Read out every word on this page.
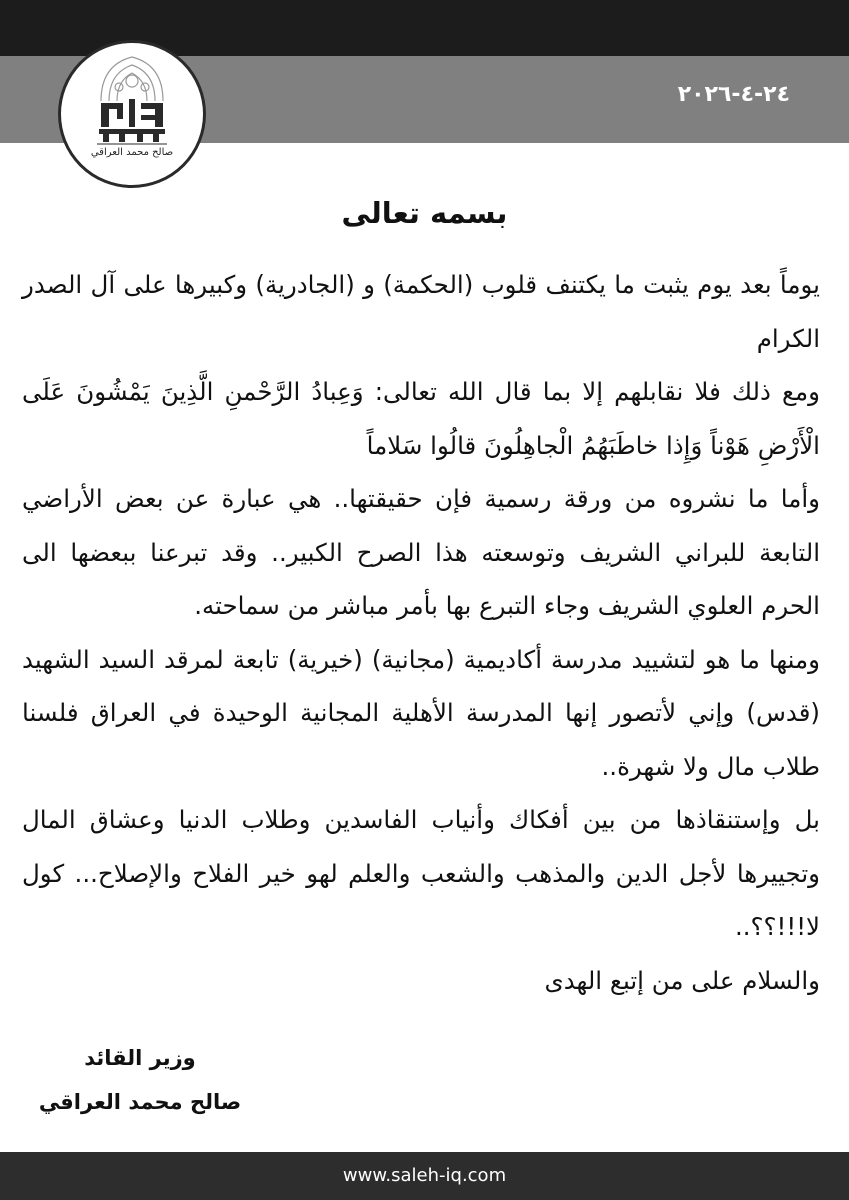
٢٤-٤-٢٠٢٦
صالح محمد العراقي
بسمه تعالى

يوماً بعد يوم يثبت ما يكتنف قلوب (الحكمة) و (الجادرية) وكبيرها على آل الصدر الكرام

ومع ذلك فلا نقابلهم إلا بما قال الله تعالى: وَعِبادُ الرَّحْمنِ الَّذِينَ يَمْشُونَ عَلَى الْأَرْضِ هَوْناً وَإِذا خاطَبَهُمُ الْجاهِلُونَ قالُوا سَلاماً

وأما ما نشروه من ورقة رسمية فإن حقيقتها.. هي عبارة عن بعض الأراضي التابعة للبراني الشريف وتوسعته هذا الصرح الكبير.. وقد تبرعنا ببعضها الى الحرم العلوي الشريف وجاء التبرع بها بأمر مباشر من سماحته.

ومنها ما هو لتشييد مدرسة أكاديمية (مجانية) (خيرية) تابعة لمرقد السيد الشهيد (قدس) وإني لأتصور إنها المدرسة الأهلية المجانية الوحيدة في العراق فلسنا طلاب مال ولا شهرة..

بل وإستنقاذها من بين أفكاك وأنياب الفاسدين وطلاب الدنيا وعشاق المال وتجييرها لأجل الدين والمذهب والشعب والعلم لهو خير الفلاح والإصلاح... كول لا!!!؟؟..

والسلام على من إتبع الهدى

وزير القائد
صالح محمد العراقي
www.saleh-iq.com
